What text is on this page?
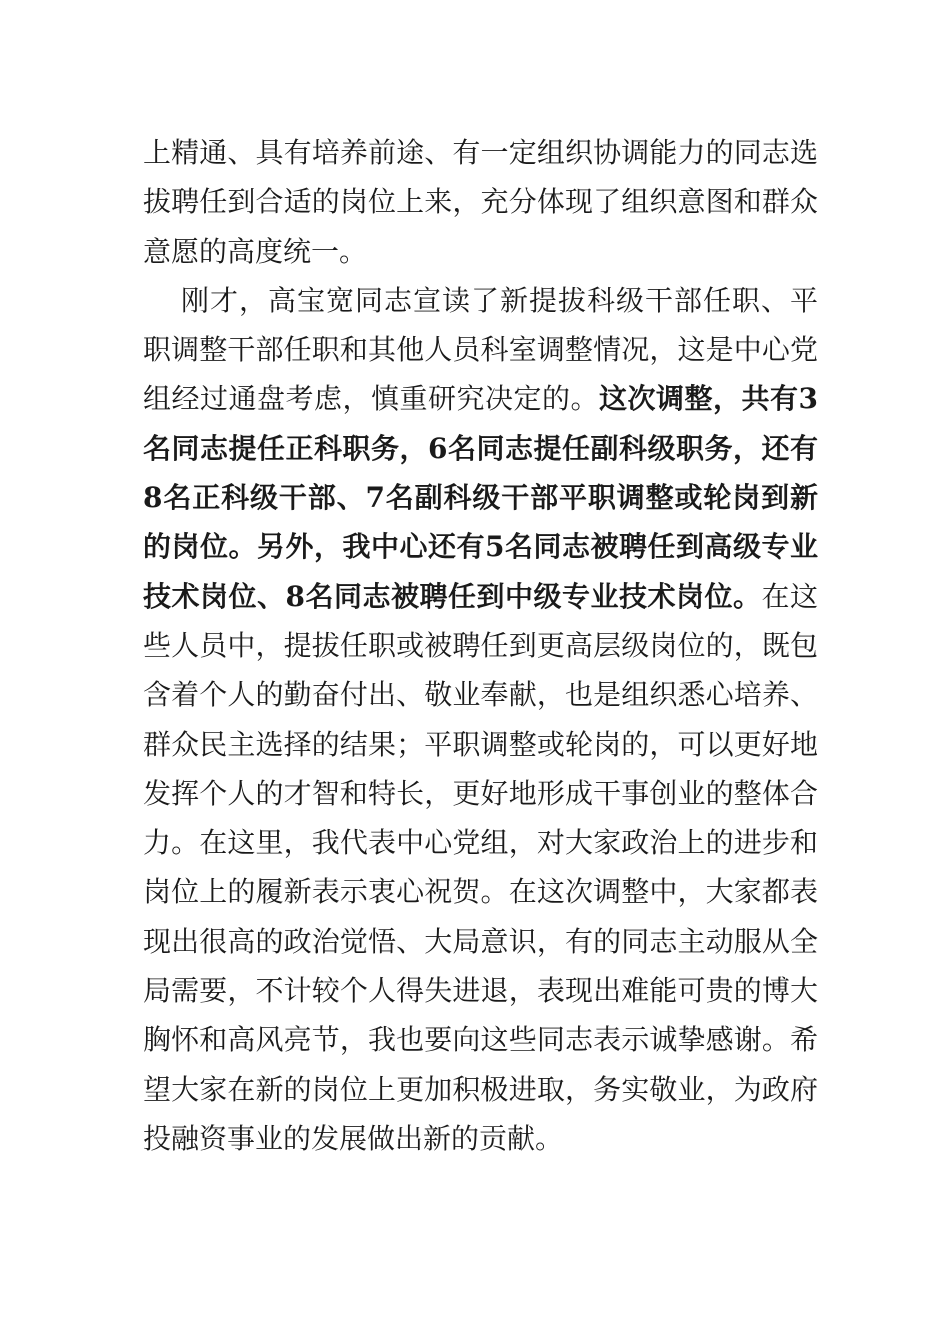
上精通、具有培养前途、有一定组织协调能力的同志选
拔聘任到合适的岗位上来，充分体现了组织意图和群众
意愿的高度统一。
刚才，高宝宽同志宣读了新提拔科级干部任职、平
职调整干部任职和其他人员科室调整情况，这是中心党
组经过通盘考虑，慎重研究决定的。这次调整，共有3
名同志提任正科职务，6名同志提任副科级职务，还有
8名正科级干部、7名副科级干部平职调整或轮岗到新
的岗位。另外，我中心还有5名同志被聘任到高级专业
技术岗位、8名同志被聘任到中级专业技术岗位。在这
些人员中，提拔任职或被聘任到更高层级岗位的，既包
含着个人的勤奋付出、敬业奉献，也是组织悉心培养、
群众民主选择的结果；平职调整或轮岗的，可以更好地
发挥个人的才智和特长，更好地形成干事创业的整体合
力。在这里，我代表中心党组，对大家政治上的进步和
岗位上的履新表示衷心祝贺。在这次调整中，大家都表
现出很高的政治觉悟、大局意识，有的同志主动服从全
局需要，不计较个人得失进退，表现出难能可贵的博大
胸怀和高风亮节，我也要向这些同志表示诚挚感谢。希
望大家在新的岗位上更加积极进取，务实敬业，为政府
投融资事业的发展做出新的贡献。
